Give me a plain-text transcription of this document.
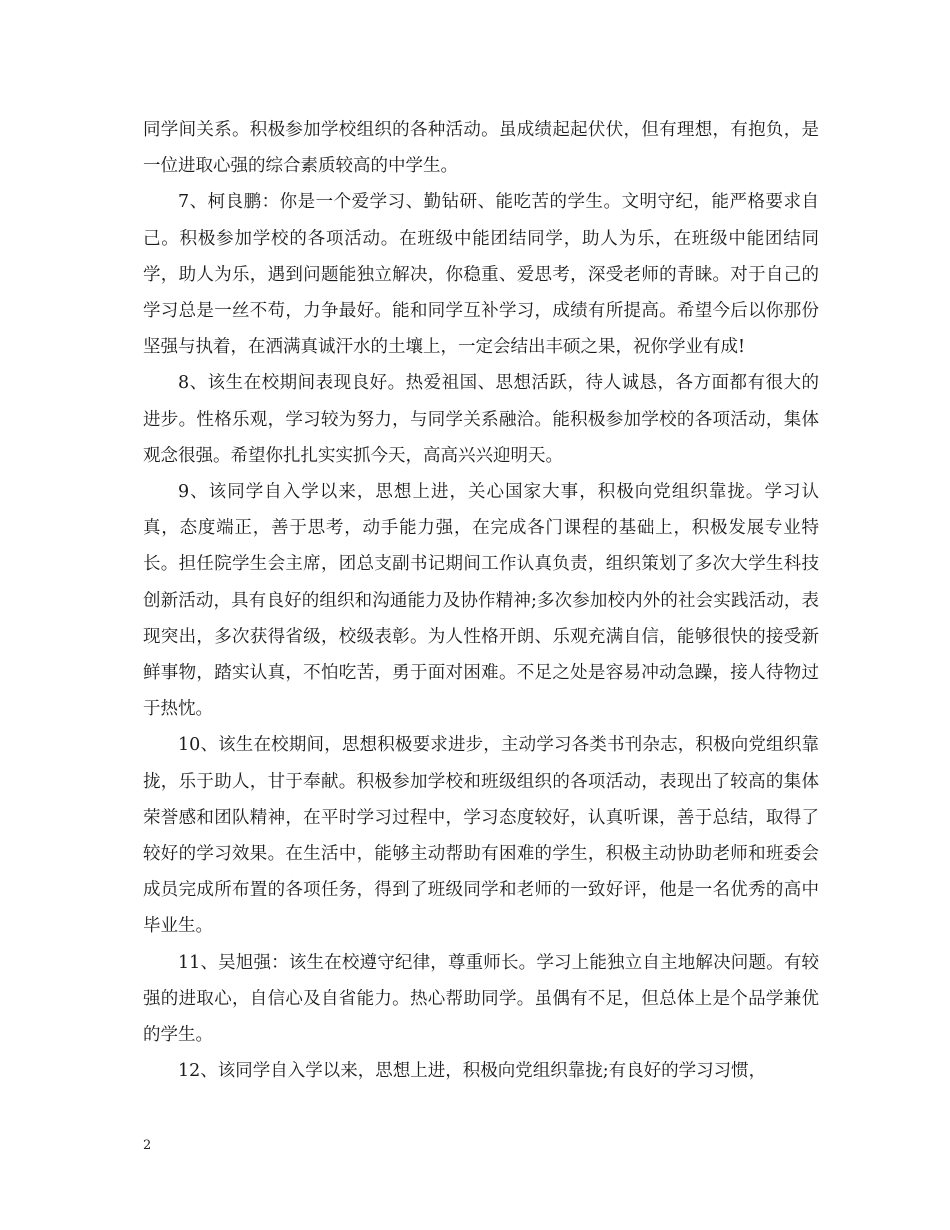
同学间关系。积极参加学校组织的各种活动。虽成绩起起伏伏，但有理想，有抱负，是一位进取心强的综合素质较高的中学生。

7、柯良鹏：你是一个爱学习、勤钻研、能吃苦的学生。文明守纪，能严格要求自己。积极参加学校的各项活动。在班级中能团结同学，助人为乐，在班级中能团结同学，助人为乐，遇到问题能独立解决，你稳重、爱思考，深受老师的青睐。对于自己的学习总是一丝不苟，力争最好。能和同学互补学习，成绩有所提高。希望今后以你那份坚强与执着，在洒满真诚汗水的土壤上，一定会结出丰硕之果，祝你学业有成!

8、该生在校期间表现良好。热爱祖国、思想活跃，待人诚恳，各方面都有很大的进步。性格乐观，学习较为努力，与同学关系融洽。能积极参加学校的各项活动，集体观念很强。希望你扎扎实实抓今天，高高兴兴迎明天。

9、该同学自入学以来，思想上进，关心国家大事，积极向党组织靠拢。学习认真，态度端正，善于思考，动手能力强，在完成各门课程的基础上，积极发展专业特长。担任院学生会主席，团总支副书记期间工作认真负责，组织策划了多次大学生科技创新活动，具有良好的组织和沟通能力及协作精神;多次参加校内外的社会实践活动，表现突出，多次获得省级，校级表彰。为人性格开朗、乐观充满自信，能够很快的接受新鲜事物，踏实认真，不怕吃苦，勇于面对困难。不足之处是容易冲动急躁，接人待物过于热忱。

10、该生在校期间，思想积极要求进步，主动学习各类书刊杂志，积极向党组织靠拢，乐于助人，甘于奉献。积极参加学校和班级组织的各项活动，表现出了较高的集体荣誉感和团队精神，在平时学习过程中，学习态度较好，认真听课，善于总结，取得了较好的学习效果。在生活中，能够主动帮助有困难的学生，积极主动协助老师和班委会成员完成所布置的各项任务，得到了班级同学和老师的一致好评，他是一名优秀的高中毕业生。

11、吴旭强：该生在校遵守纪律，尊重师长。学习上能独立自主地解决问题。有较强的进取心，自信心及自省能力。热心帮助同学。虽偶有不足，但总体上是个品学兼优的学生。

12、该同学自入学以来，思想上进，积极向党组织靠拢;有良好的学习习惯，

2
